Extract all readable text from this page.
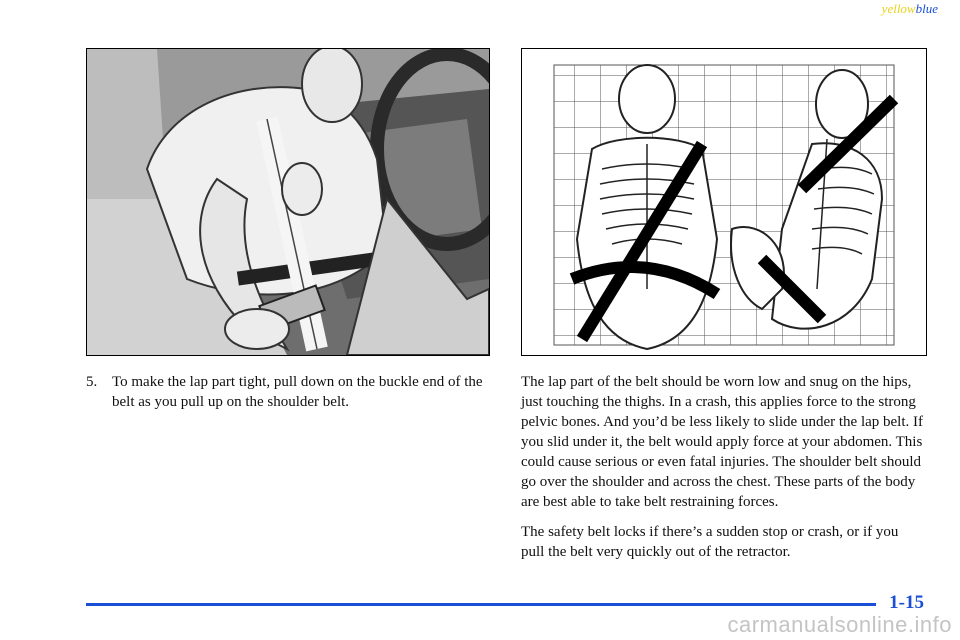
yellowblue
5. To make the lap part tight, pull down on the buckle end of the belt as you pull up on the shoulder belt.

The lap part of the belt should be worn low and snug on the hips, just touching the thighs. In a crash, this applies force to the strong pelvic bones. And you’d be less likely to slide under the lap belt. If you slid under it, the belt would apply force at your abdomen. This could cause serious or even fatal injuries. The shoulder belt should go over the shoulder and across the chest. These parts of the body are best able to take belt restraining forces.

The safety belt locks if there’s a sudden stop or crash, or if you pull the belt very quickly out of the retractor.

1-15
carmanualsonline.info
